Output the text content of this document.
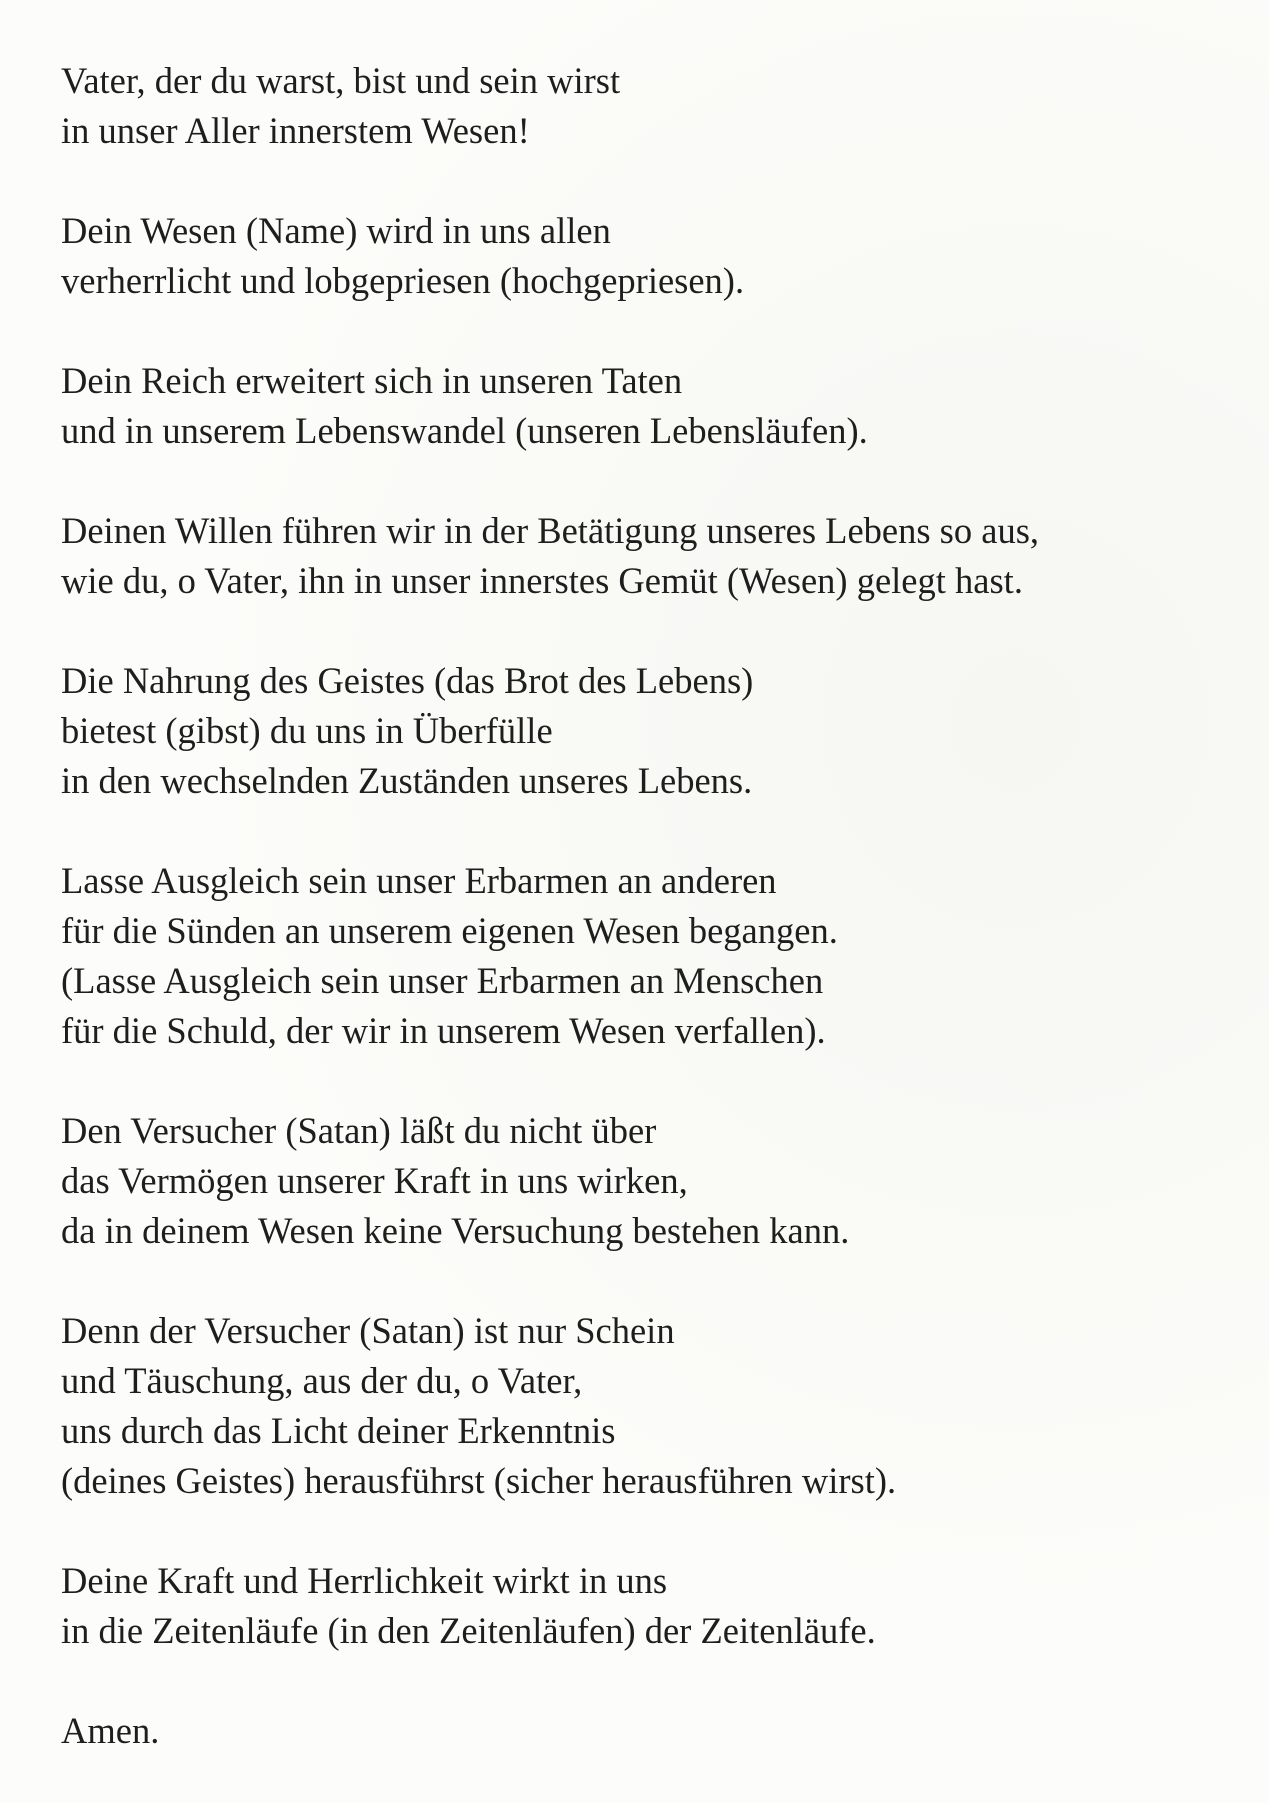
Vater, der du warst, bist und sein wirst
in unser Aller innerstem Wesen!
Dein Wesen (Name) wird in uns allen
verherrlicht und lobgepriesen (hochgepriesen).
Dein Reich erweitert sich in unseren Taten
und in unserem Lebenswandel (unseren Lebensläufen).
Deinen Willen führen wir in der Betätigung unseres Lebens so aus,
wie du, o Vater, ihn in unser innerstes Gemüt (Wesen) gelegt hast.
Die Nahrung des Geistes (das Brot des Lebens)
bietest (gibst) du uns in Überfülle
in den wechselnden Zuständen unseres Lebens.
Lasse Ausgleich sein unser Erbarmen an anderen
für die Sünden an unserem eigenen Wesen begangen.
(Lasse Ausgleich sein unser Erbarmen an Menschen
für die Schuld, der wir in unserem Wesen verfallen).
Den Versucher (Satan) läßt du nicht über
das Vermögen unserer Kraft in uns wirken,
da in deinem Wesen keine Versuchung bestehen kann.
Denn der Versucher (Satan) ist nur Schein
und Täuschung, aus der du, o Vater,
uns durch das Licht deiner Erkenntnis
(deines Geistes) herausführst (sicher herausführen wirst).
Deine Kraft und Herrlichkeit wirkt in uns
in die Zeitenläufe (in den Zeitenläufen) der Zeitenläufe.
Amen.
